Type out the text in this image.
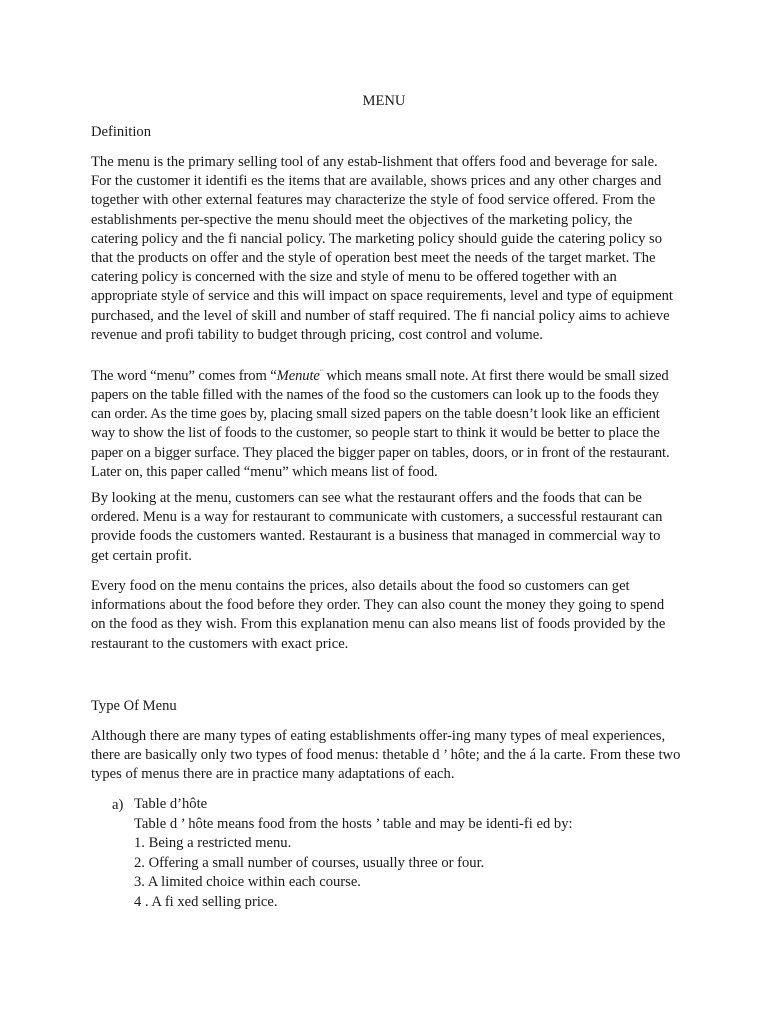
MENU
Definition

The menu is the primary selling tool of any estab-lishment that offers food and beverage for sale. For the customer it identifi es the items that are available, shows prices and any other charges and together with other external features may characterize the style of food service offered. From the establishments per-spective the menu should meet the objectives of the marketing policy, the catering policy and the fi nancial policy. The marketing policy should guide the catering policy so that the products on offer and the style of operation best meet the needs of the target market. The catering policy is concerned with the size and style of menu to be offered together with an appropriate style of service and this will impact on space requirements, level and type of equipment purchased, and the level of skill and number of staff required. The fi nancial policy aims to achieve revenue and profi tability to budget through pricing, cost control and volume.

The word “menu” comes from “Menute“ which means small note. At first there would be small sized papers on the table filled with the names of the food so the customers can look up to the foods they can order. As the time goes by, placing small sized papers on the table doesn’t look like an efficient way to show the list of foods to the customer, so people start to think it would be better to place the paper on a bigger surface. They placed the bigger paper on tables, doors, or in front of the restaurant. Later on, this paper called “menu” which means list of food.

By looking at the menu, customers can see what the restaurant offers and the foods that can be ordered. Menu is a way for restaurant to communicate with customers, a successful restaurant can provide foods the customers wanted. Restaurant is a business that managed in commercial way to get certain profit.

Every food on the menu contains the prices, also details about the food so customers can get informations about the food before they order. They can also count the money they going to spend on the food as they wish. From this explanation menu can also means list of foods provided by the restaurant to the customers with exact price.

Type Of Menu

Although there are many types of eating establishments offer-ing many types of meal experiences, there are basically only two types of food menus: thetable d ’ hôte; and the á la carte. From these two types of menus there are in practice many adaptations of each.

a) Table d’hôte
Table d ’ hôte means food from the hosts ’ table and may be identi-fi ed by:
1. Being a restricted menu.
2. Offering a small number of courses, usually three or four.
3. A limited choice within each course.
4 . A fi xed selling price.
